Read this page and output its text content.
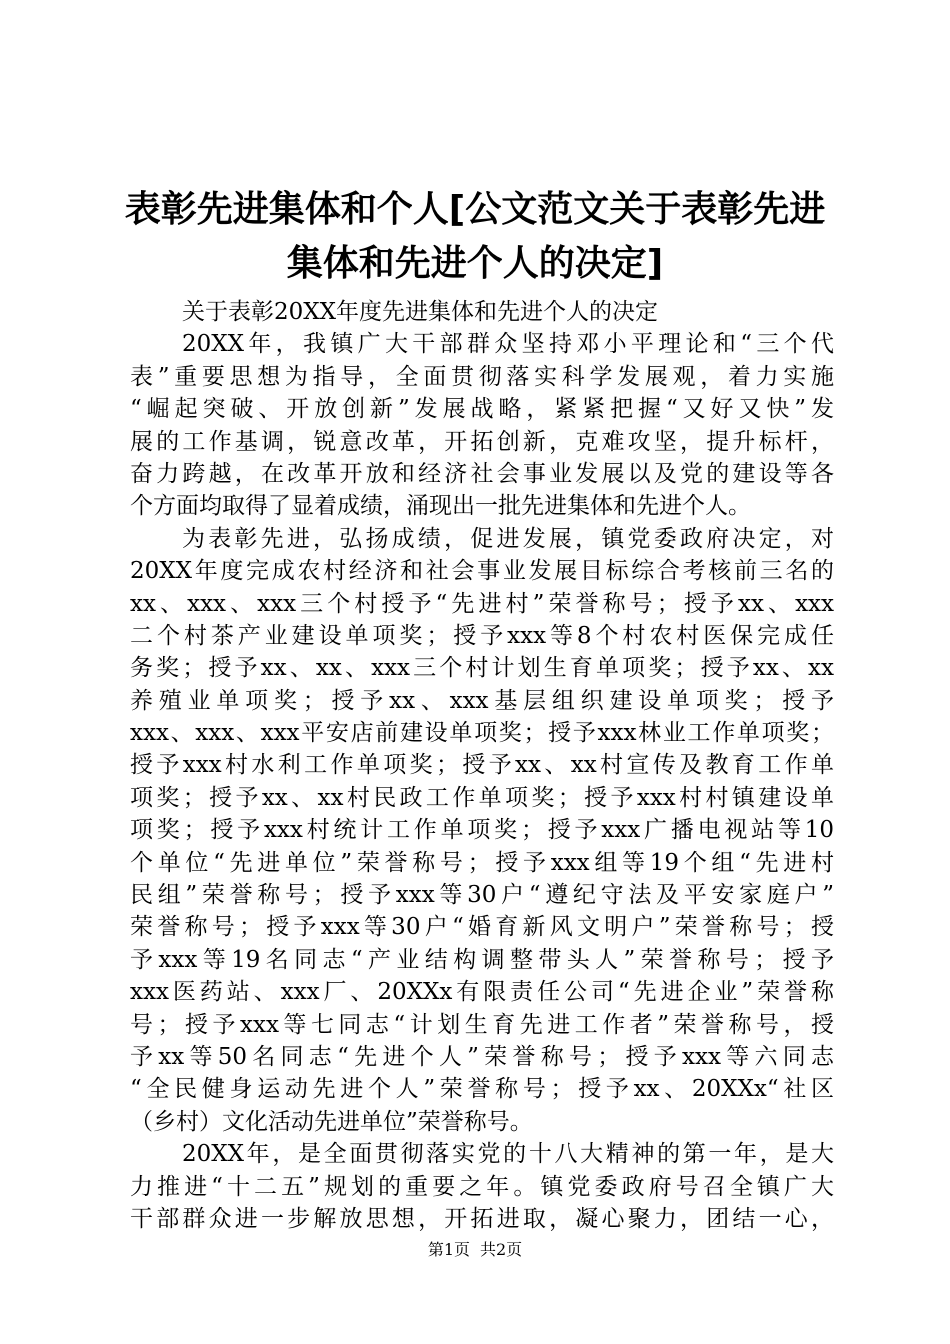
表彰先进集体和个人[公文范文关于表彰先进
集体和先进个人的决定]
关于表彰20XX年度先进集体和先进个人的决定
20XX年，我镇广大干部群众坚持邓小平理论和“三个代
表”重要思想为指导，全面贯彻落实科学发展观，着力实施
“崛起突破、开放创新”发展战略，紧紧把握“又好又快”发
展的工作基调，锐意改革，开拓创新，克难攻坚，提升标杆，
奋力跨越，在改革开放和经济社会事业发展以及党的建设等各
个方面均取得了显着成绩，涌现出一批先进集体和先进个人。
为表彰先进，弘扬成绩，促进发展，镇党委政府决定，对
20XX年度完成农村经济和社会事业发展目标综合考核前三名的
xx、xxx、xxx三个村授予“先进村”荣誉称号；授予xx、xxx
二个村茶产业建设单项奖；授予xxx等8个村农村医保完成任
务奖；授予xx、xx、xxx三个村计划生育单项奖；授予xx、xx
养殖业单项奖；授予xx、xxx基层组织建设单项奖；授予
xxx、xxx、xxx平安店前建设单项奖；授予xxx林业工作单项奖；
授予xxx村水利工作单项奖；授予xx、xx村宣传及教育工作单
项奖；授予xx、xx村民政工作单项奖；授予xxx村村镇建设单
项奖；授予xxx村统计工作单项奖；授予xxx广播电视站等10
个单位“先进单位”荣誉称号；授予xxx组等19个组“先进村
民组”荣誉称号；授予xxx等30户“遵纪守法及平安家庭户”
荣誉称号；授予xxx等30户“婚育新风文明户”荣誉称号；授
予xxx等19名同志“产业结构调整带头人”荣誉称号；授予
xxx医药站、xxx厂、20XXx有限责任公司“先进企业”荣誉称
号；授予xxx等七同志“计划生育先进工作者”荣誉称号，授
予xx等50名同志“先进个人”荣誉称号；授予xxx等六同志
“全民健身运动先进个人”荣誉称号；授予xx、20XXx“社区
（乡村）文化活动先进单位”荣誉称号。
20XX年，是全面贯彻落实党的十八大精神的第一年，是大
力推进“十二五”规划的重要之年。镇党委政府号召全镇广大
干部群众进一步解放思想，开拓进取，凝心聚力，团结一心，
第1页 共2页
